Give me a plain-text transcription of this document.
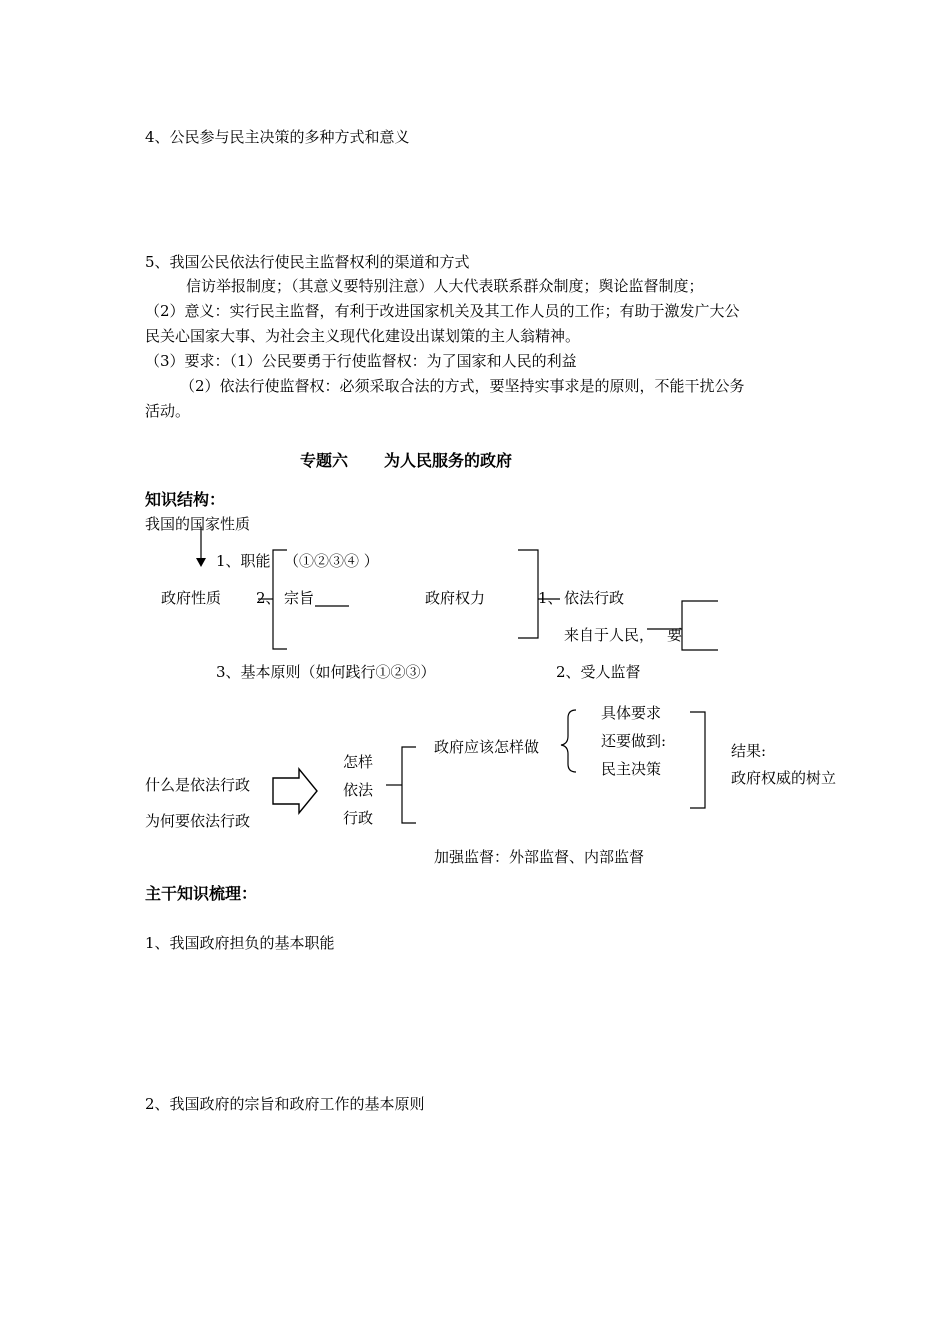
4、公民参与民主决策的多种方式和意义
5、我国公民依法行使民主监督权利的渠道和方式
信访举报制度；（其意义要特别注意）人大代表联系群众制度；舆论监督制度；
（2）意义：实行民主监督，有利于改进国家机关及其工作人员的工作；有助于激发广大公
民关心国家大事、为社会主义现代化建设出谋划策的主人翁精神。
（3）要求：（1）公民要勇于行使监督权：为了国家和人民的利益
（2）依法行使监督权：必须采取合法的方式，要坚持实事求是的原则，不能干扰公务
活动。
专题六 为人民服务的政府
知识结构：
我国的国家性质
1、职能 （①②③④ ）
政府性质 2、 宗旨
3、基本原则（如何践行①②③）
政府权力	1、 依法行政
来自于人民， 要
2、受人监督
什么是依法行政
为何要依法行政
怎样
依法
行政
政府应该怎样做
具体要求
还要做到:
民主决策
结果:
政府权威的树立
加强监督：外部监督、内部监督
主干知识梳理：
1、我国政府担负的基本职能
2、我国政府的宗旨和政府工作的基本原则
